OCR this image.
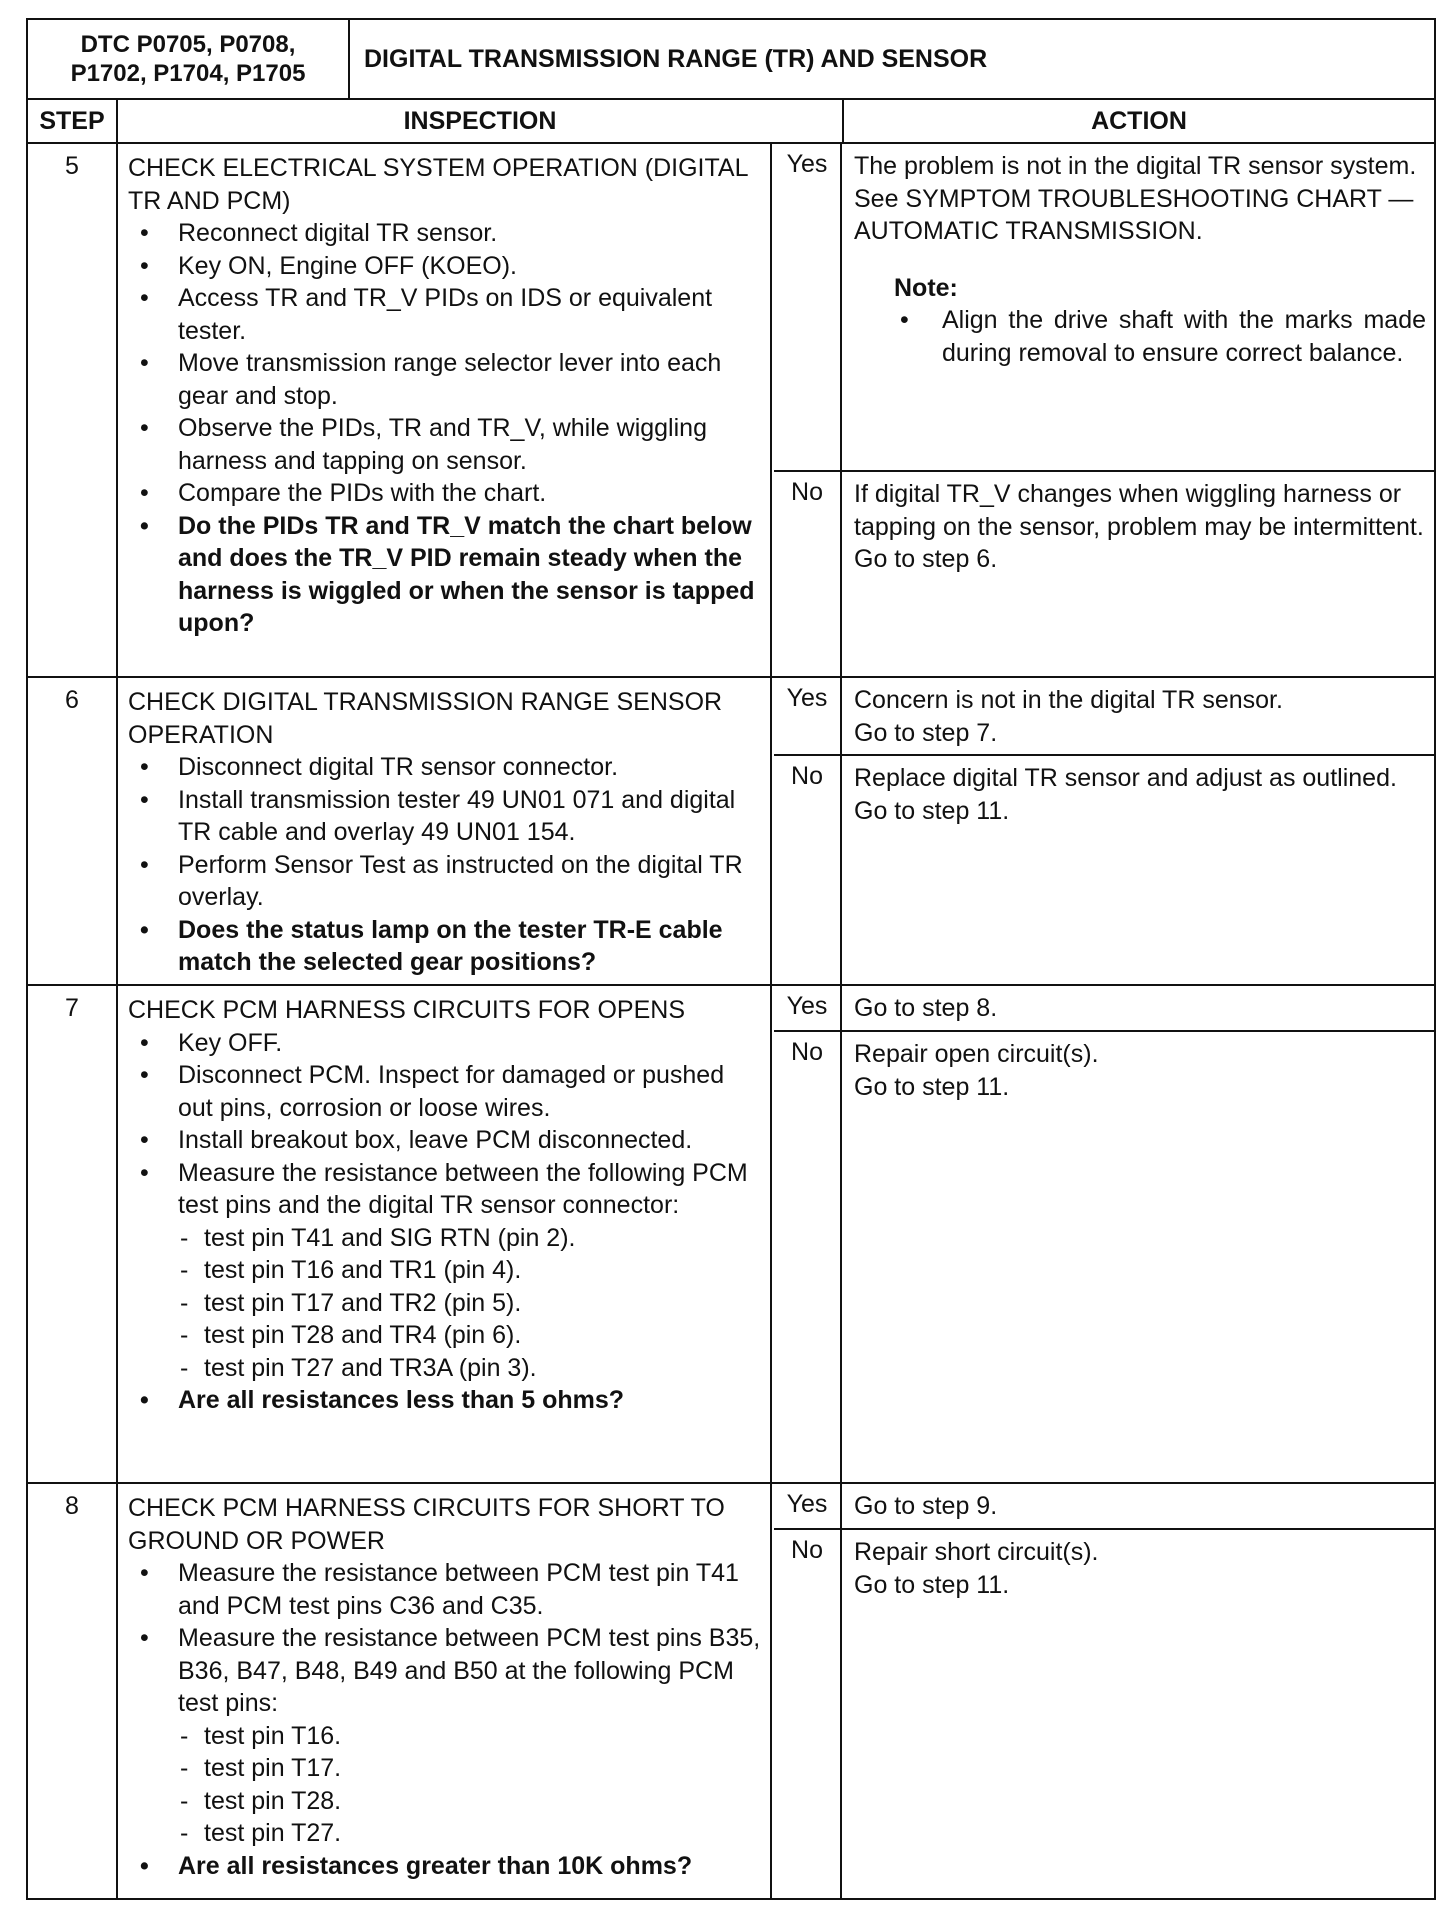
DTC P0705, P0708,
P1702, P1704, P1705
DIGITAL TRANSMISSION RANGE (TR) AND SENSOR
STEP	INSPECTION	ACTION
5	CHECK ELECTRICAL SYSTEM OPERATION (DIGITAL TR AND PCM)
• Reconnect digital TR sensor.
• Key ON, Engine OFF (KOEO).
• Access TR and TR_V PIDs on IDS or equivalent tester.
• Move transmission range selector lever into each gear and stop.
• Observe the PIDs, TR and TR_V, while wiggling harness and tapping on sensor.
• Compare the PIDs with the chart.
• Do the PIDs TR and TR_V match the chart below and does the TR_V PID remain steady when the harness is wiggled or when the sensor is tapped upon?
Yes	The problem is not in the digital TR sensor system.
See SYMPTOM TROUBLESHOOTING CHART — AUTOMATIC TRANSMISSION.
Note:
• Align the drive shaft with the marks made during removal to ensure correct balance.
No	If digital TR_V changes when wiggling harness or tapping on the sensor, problem may be intermittent.
Go to step 6.
6	CHECK DIGITAL TRANSMISSION RANGE SENSOR OPERATION
• Disconnect digital TR sensor connector.
• Install transmission tester 49 UN01 071 and digital TR cable and overlay 49 UN01 154.
• Perform Sensor Test as instructed on the digital TR overlay.
• Does the status lamp on the tester TR-E cable match the selected gear positions?
Yes	Concern is not in the digital TR sensor.
Go to step 7.
No	Replace digital TR sensor and adjust as outlined.
Go to step 11.
7	CHECK PCM HARNESS CIRCUITS FOR OPENS
• Key OFF.
• Disconnect PCM. Inspect for damaged or pushed out pins, corrosion or loose wires.
• Install breakout box, leave PCM disconnected.
• Measure the resistance between the following PCM test pins and the digital TR sensor connector:
- test pin T41 and SIG RTN (pin 2).
- test pin T16 and TR1 (pin 4).
- test pin T17 and TR2 (pin 5).
- test pin T28 and TR4 (pin 6).
- test pin T27 and TR3A (pin 3).
• Are all resistances less than 5 ohms?
Yes	Go to step 8.
No	Repair open circuit(s).
Go to step 11.
8	CHECK PCM HARNESS CIRCUITS FOR SHORT TO GROUND OR POWER
• Measure the resistance between PCM test pin T41 and PCM test pins C36 and C35.
• Measure the resistance between PCM test pins B35, B36, B47, B48, B49 and B50 at the following PCM test pins:
- test pin T16.
- test pin T17.
- test pin T28.
- test pin T27.
• Are all resistances greater than 10K ohms?
Yes	Go to step 9.
No	Repair short circuit(s).
Go to step 11.
